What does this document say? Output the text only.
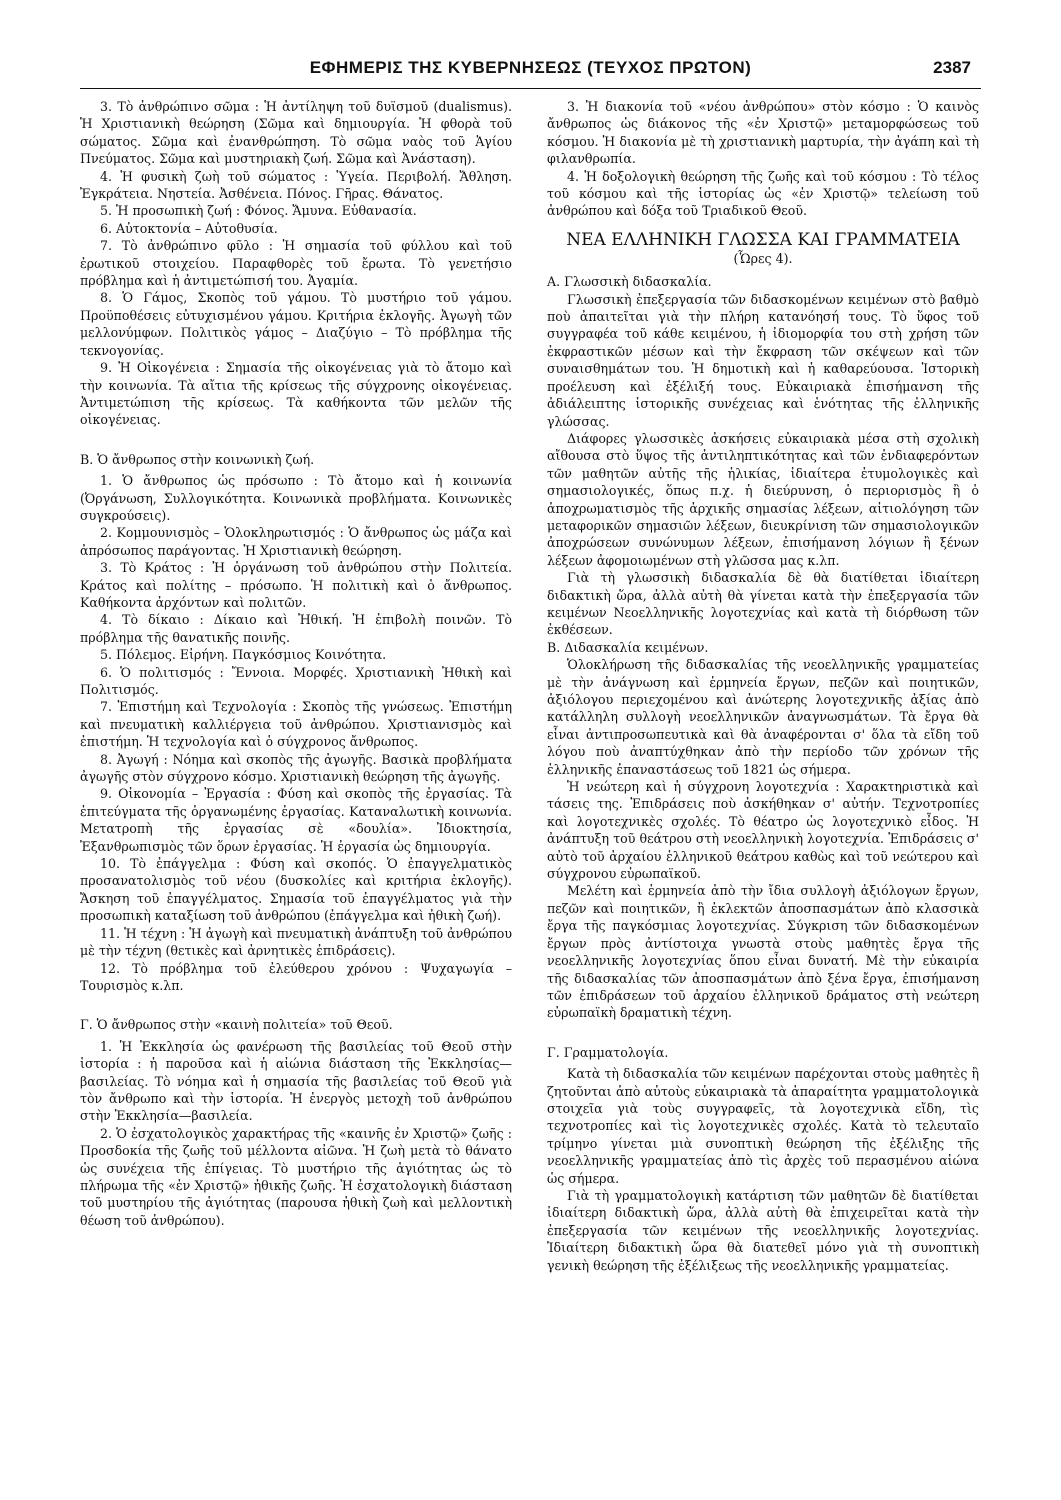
ΕΦΗΜΕΡΙΣ ΤΗΣ ΚΥΒΕΡΝΗΣΕΩΣ (ΤΕΥΧΟΣ ΠΡΩΤΟΝ)	2387

3. Τὸ ἀνθρώπινο σῶμα : Ἡ ἀντίληψη τοῦ δυϊσμοῦ (dualismus). Ἡ Χριστιανικὴ θεώρηση (Σῶμα καὶ δημιουργία. Ἡ φθορὰ τοῦ σώματος. Σῶμα καὶ ἐνανθρώπηση. Τὸ σῶμα ναὸς τοῦ Ἁγίου Πνεύματος. Σῶμα καὶ μυστηριακὴ ζωή. Σῶμα καὶ Ἀνάσταση).

4. Ἡ φυσικὴ ζωὴ τοῦ σώματος : Ὑγεία. Περιβολή. Ἄθληση. Ἐγκράτεια. Νηστεία. Ἀσθένεια. Πόνος. Γῆρας. Θάνατος.

5. Ἡ προσωπικὴ ζωή : Φόνος. Ἄμυνα. Εὐθανασία.

6. Αὐτοκτονία – Αὐτοθυσία.

7. Τὸ ἀνθρώπινο φῦλο : Ἡ σημασία τοῦ φύλλου καὶ τοῦ ἐρωτικοῦ στοιχείου. Παραφθορὲς τοῦ ἔρωτα. Τὸ γενετήσιο πρόβλημα καὶ ἡ ἀντιμετώπισή του. Ἀγαμία.

8. Ὁ Γάμος, Σκοπὸς τοῦ γάμου. Τὸ μυστήριο τοῦ γάμου. Προϋποθέσεις εὐτυχισμένου γάμου. Κριτήρια ἐκλογῆς. Ἀγωγὴ τῶν μελλονύμφων. Πολιτικὸς γάμος – Διαζύγιο – Τὸ πρόβλημα τῆς τεκνογονίας.

9. Ἡ Οἰκογένεια : Σημασία τῆς οἰκογένειας γιὰ τὸ ἄτομο καὶ τὴν κοινωνία. Τὰ αἴτια τῆς κρίσεως τῆς σύγχρονης οἰκογένειας. Ἀντιμετώπιση τῆς κρίσεως. Τὰ καθήκοντα τῶν μελῶν τῆς οἰκογένειας.

Β. Ὁ ἄνθρωπος στὴν κοινωνικὴ ζωή.

1. Ὁ ἄνθρωπος ὡς πρόσωπο : Τὸ ἄτομο καὶ ἡ κοινωνία (Ὀργάνωση, Συλλογικότητα. Κοινωνικὰ προβλήματα. Κοινωνικὲς συγκρούσεις).

2. Κομμουνισμὸς – Ὁλοκληρωτισμός : Ὁ ἄνθρωπος ὡς μάζα καὶ ἀπρόσωπος παράγοντας. Ἡ Χριστιανικὴ θεώρηση.

3. Τὸ Κράτος : Ἡ ὀργάνωση τοῦ ἀνθρώπου στὴν Πολιτεία. Κράτος καὶ πολίτης – πρόσωπο. Ἡ πολιτικὴ καὶ ὁ ἄνθρωπος. Καθήκοντα ἀρχόντων καὶ πολιτῶν.

4. Τὸ δίκαιο : Δίκαιο καὶ Ἠθική. Ἡ ἐπιβολὴ ποινῶν. Τὸ πρόβλημα τῆς θανατικῆς ποινῆς.

5. Πόλεμος. Εἰρήνη. Παγκόσμιος Κοινότητα.

6. Ὁ πολιτισμός : Ἔννοια. Μορφές. Χριστιανικὴ Ἠθικὴ καὶ Πολιτισμός.

7. Ἐπιστήμη καὶ Τεχνολογία : Σκοπὸς τῆς γνώσεως. Ἐπιστήμη καὶ πνευματικὴ καλλιέργεια τοῦ ἀνθρώπου. Χριστιανισμὸς καὶ ἐπιστήμη. Ἡ τεχνολογία καὶ ὁ σύγχρονος ἄνθρωπος.

8. Ἀγωγή : Νόημα καὶ σκοπὸς τῆς ἀγωγῆς. Βασικὰ προβλήματα ἀγωγῆς στὸν σύγχρονο κόσμο. Χριστιανικὴ θεώρηση τῆς ἀγωγῆς.

9. Οἰκονομία – Ἐργασία : Φύση καὶ σκοπὸς τῆς ἐργασίας. Τὰ ἐπιτεύγματα τῆς ὀργανωμένης ἐργασίας. Καταναλωτικὴ κοινωνία. Μετατροπὴ τῆς ἐργασίας σὲ «δουλία». Ἰδιοκτησία, Ἐξανθρωπισμὸς τῶν ὅρων ἐργασίας. Ἡ ἐργασία ὡς δημιουργία.

10. Τὸ ἐπάγγελμα : Φύση καὶ σκοπός. Ὁ ἐπαγγελματικὸς προσανατολισμὸς τοῦ νέου (δυσκολίες καὶ κριτήρια ἐκλογῆς). Ἄσκηση τοῦ ἐπαγγέλματος. Σημασία τοῦ ἐπαγγέλματος γιὰ τὴν προσωπικὴ καταξίωση τοῦ ἀνθρώπου (ἐπάγγελμα καὶ ἠθικὴ ζωή).

11. Ἡ τέχνη : Ἡ ἀγωγὴ καὶ πνευματικὴ ἀνάπτυξη τοῦ ἀνθρώπου μὲ τὴν τέχνη (θετικὲς καὶ ἀρνητικὲς ἐπιδράσεις).

12. Τὸ πρόβλημα τοῦ ἐλεύθερου χρόνου : Ψυχαγωγία – Τουρισμὸς κ.λπ.

Γ. Ὁ ἄνθρωπος στὴν «καινὴ πολιτεία» τοῦ Θεοῦ.

1. Ἡ Ἐκκλησία ὡς φανέρωση τῆς βασιλείας τοῦ Θεοῦ στὴν ἱστορία : ἡ παροῦσα καὶ ἡ αἰώνια διάσταση τῆς Ἐκκλησίας—βασιλείας. Τὸ νόημα καὶ ἡ σημασία τῆς βασιλείας τοῦ Θεοῦ γιὰ τὸν ἄνθρωπο καὶ τὴν ἱστορία. Ἡ ἐνεργὸς μετοχὴ τοῦ ἀνθρώπου στὴν Ἐκκλησία—βασιλεία.

2. Ὁ ἐσχατολογικὸς χαρακτήρας τῆς «καινῆς ἐν Χριστῷ» ζωῆς : Προσδοκία τῆς ζωῆς τοῦ μέλλοντα αἰῶνα. Ἡ ζωὴ μετὰ τὸ θάνατο ὡς συνέχεια τῆς ἐπίγειας. Τὸ μυστήριο τῆς ἁγιότητας ὡς τὸ πλήρωμα τῆς «ἐν Χριστῷ» ἠθικῆς ζωῆς. Ἡ ἐσχατολογικὴ διάσταση τοῦ μυστηρίου τῆς ἁγιότητας (παρουσα ἠθικὴ ζωὴ καὶ μελλοντικὴ θέωση τοῦ ἀνθρώπου).

3. Ἡ διακονία τοῦ «νέου ἀνθρώπου» στὸν κόσμο : Ὁ καινὸς ἄνθρωπος ὡς διάκονος τῆς «ἐν Χριστῷ» μεταμορφώσεως τοῦ κόσμου. Ἡ διακονία μὲ τὴ χριστιανικὴ μαρτυρία, τὴν ἀγάπη καὶ τὴ φιλανθρωπία.

4. Ἡ δοξολογικὴ θεώρηση τῆς ζωῆς καὶ τοῦ κόσμου : Τὸ τέλος τοῦ κόσμου καὶ τῆς ἱστορίας ὡς «ἐν Χριστῷ» τελείωση τοῦ ἀνθρώπου καὶ δόξα τοῦ Τριαδικοῦ Θεοῦ.

ΝΕΑ ΕΛΛΗΝΙΚΗ ΓΛΩΣΣΑ ΚΑΙ ΓΡΑΜΜΑΤΕΙΑ
(Ὧρες 4).

Α. Γλωσσικὴ διδασκαλία.

Γλωσσικὴ ἐπεξεργασία τῶν διδασκομένων κειμένων στὸ βαθμὸ ποὺ ἀπαιτεῖται γιὰ τὴν πλήρη κατανόησή τους. Τὸ ὕφος τοῦ συγγραφέα τοῦ κάθε κειμένου, ἡ ἰδιομορφία του στὴ χρήση τῶν ἐκφραστικῶν μέσων καὶ τὴν ἔκφραση τῶν σκέψεων καὶ τῶν συναισθημάτων του. Ἡ δημοτικὴ καὶ ἡ καθαρεύουσα. Ἱστορικὴ προέλευση καὶ ἐξέλιξή τους. Εὐκαιριακὰ ἐπισήμανση τῆς ἀδιάλειπτης ἱστορικῆς συνέχειας καὶ ἑνότητας τῆς ἑλληνικῆς γλώσσας.

Διάφορες γλωσσικὲς ἀσκήσεις εὐκαιριακὰ μέσα στὴ σχολικὴ αἴθουσα στὸ ὕψος τῆς ἀντιληπτικότητας καὶ τῶν ἐνδιαφερόντων τῶν μαθητῶν αὐτῆς τῆς ἡλικίας, ἰδιαίτερα ἐτυμολογικὲς καὶ σημασιολογικές, ὅπως π.χ. ἡ διεύρυνση, ὁ περιορισμὸς ἢ ὁ ἀποχρωματισμὸς τῆς ἀρχικῆς σημασίας λέξεων, αἰτιολόγηση τῶν μεταφορικῶν σημασιῶν λέξεων, διευκρίνιση τῶν σημασιολογικῶν ἀποχρώσεων συνώνυμων λέξεων, ἐπισήμανση λόγιων ἢ ξένων λέξεων ἀφομοιωμένων στὴ γλῶσσα μας κ.λπ.

Γιὰ τὴ γλωσσικὴ διδασκαλία δὲ θὰ διατίθεται ἰδιαίτερη διδακτικὴ ὥρα, ἀλλὰ αὐτὴ θὰ γίνεται κατὰ τὴν ἐπεξεργασία τῶν κειμένων Νεοελληνικῆς λογοτεχνίας καὶ κατὰ τὴ διόρθωση τῶν ἐκθέσεων.

Β. Διδασκαλία κειμένων.

Ὁλοκλήρωση τῆς διδασκαλίας τῆς νεοελληνικῆς γραμματείας μὲ τὴν ἀνάγνωση καὶ ἑρμηνεία ἔργων, πεζῶν καὶ ποιητικῶν, ἀξιόλογου περιεχομένου καὶ ἀνώτερης λογοτεχνικῆς ἀξίας ἀπὸ κατάλληλη συλλογὴ νεοελληνικῶν ἀναγνωσμάτων. Τὰ ἔργα θὰ εἶναι ἀντιπροσωπευτικὰ καὶ θὰ ἀναφέρονται σ' ὅλα τὰ εἴδη τοῦ λόγου ποὺ ἀναπτύχθηκαν ἀπὸ τὴν περίοδο τῶν χρόνων τῆς ἑλληνικῆς ἐπαναστάσεως τοῦ 1821 ὡς σήμερα.

Ἡ νεώτερη καὶ ἡ σύγχρονη λογοτεχνία : Χαρακτηριστικὰ καὶ τάσεις της. Ἐπιδράσεις ποὺ ἀσκήθηκαν σ' αὐτήν. Τεχνοτροπίες καὶ λογοτεχνικὲς σχολές. Τὸ θέατρο ὡς λογοτεχνικὸ εἶδος. Ἡ ἀνάπτυξη τοῦ θεάτρου στὴ νεοελληνικὴ λογοτεχνία. Ἐπιδράσεις σ' αὐτὸ τοῦ ἀρχαίου ἑλληνικοῦ θεάτρου καθὼς καὶ τοῦ νεώτερου καὶ σύγχρονου εὐρωπαϊκοῦ.

Μελέτη καὶ ἑρμηνεία ἀπὸ τὴν ἴδια συλλογὴ ἀξιόλογων ἔργων, πεζῶν καὶ ποιητικῶν, ἢ ἐκλεκτῶν ἀποσπασμάτων ἀπὸ κλασσικὰ ἔργα τῆς παγκόσμιας λογοτεχνίας. Σύγκριση τῶν διδασκομένων ἔργων πρὸς ἀντίστοιχα γνωστὰ στοὺς μαθητὲς ἔργα τῆς νεοελληνικῆς λογοτεχνίας ὅπου εἶναι δυνατή. Μὲ τὴν εὐκαιρία τῆς διδασκαλίας τῶν ἀποσπασμάτων ἀπὸ ξένα ἔργα, ἐπισήμανση τῶν ἐπιδράσεων τοῦ ἀρχαίου ἑλληνικοῦ δράματος στὴ νεώτερη εὐρωπαϊκὴ δραματικὴ τέχνη.

Γ. Γραμματολογία.

Κατὰ τὴ διδασκαλία τῶν κειμένων παρέχονται στοὺς μαθητὲς ἢ ζητοῦνται ἀπὸ αὐτοὺς εὐκαιριακὰ τὰ ἀπαραίτητα γραμματολογικὰ στοιχεῖα γιὰ τοὺς συγγραφεῖς, τὰ λογοτεχνικὰ εἴδη, τὶς τεχνοτροπίες καὶ τὶς λογοτεχνικὲς σχολές. Κατὰ τὸ τελευταῖο τρίμηνο γίνεται μιὰ συνοπτικὴ θεώρηση τῆς ἐξέλιξης τῆς νεοελληνικῆς γραμματείας ἀπὸ τὶς ἀρχὲς τοῦ περασμένου αἰώνα ὡς σήμερα.

Γιὰ τὴ γραμματολογικὴ κατάρτιση τῶν μαθητῶν δὲ διατίθεται ἰδιαίτερη διδακτικὴ ὥρα, ἀλλὰ αὐτὴ θὰ ἐπιχειρεῖται κατὰ τὴν ἐπεξεργασία τῶν κειμένων τῆς νεοελληνικῆς λογοτεχνίας. Ἰδιαίτερη διδακτικὴ ὥρα θὰ διατεθεῖ μόνο γιὰ τὴ συνοπτικὴ γενικὴ θεώρηση τῆς ἐξέλιξεως τῆς νεοελληνικῆς γραμματείας.
